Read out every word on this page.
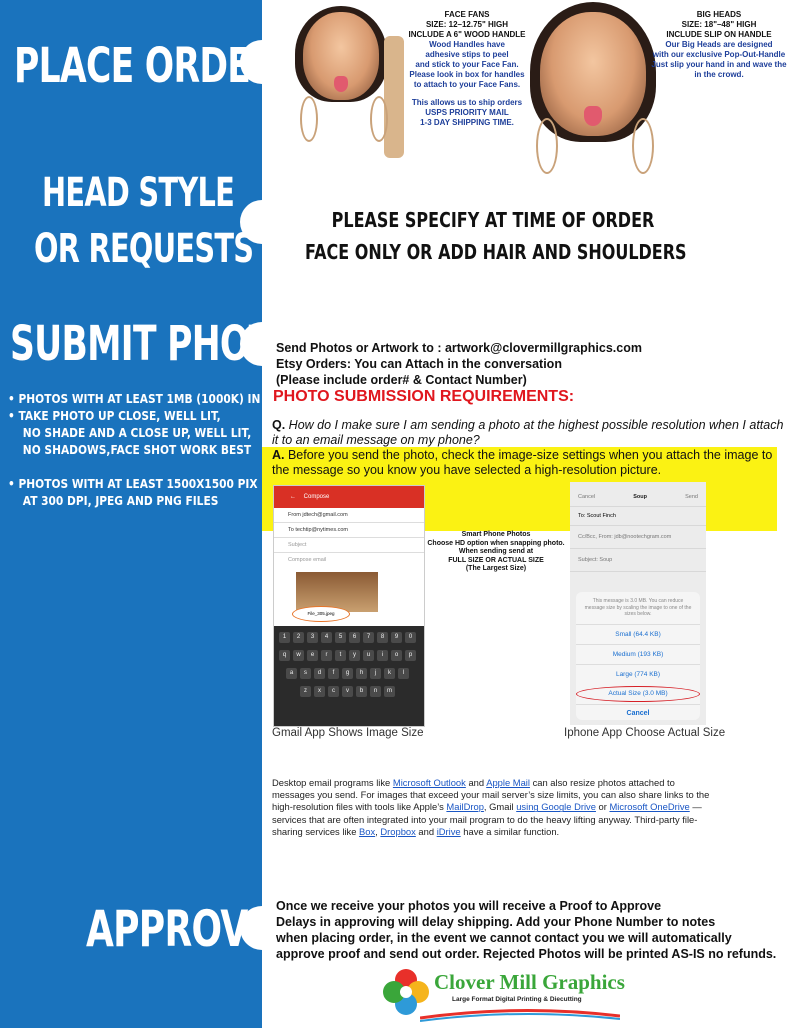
PLACE ORDER
HEAD STYLE
OR REQUESTS
SUBMIT PHOTO

• PHOTOS WITH AT LEAST 1MB (1000K) IN SIZE

• TAKE PHOTO UP CLOSE, WELL LIT,

NO SHADE AND A CLOSE UP, WELL LIT,

NO SHADOWS,FACE SHOT WORK BEST

• PHOTOS WITH AT LEAST 1500X1500 PIX

AT 300 DPI, JPEG AND PNG FILES

APPROVE
FACE FANS
SIZE: 12–12.75" HIGH
INCLUDE A 6" WOOD HANDLE
Wood Handles have
adhesive stips to peel
and stick to your Face Fan.
Please look in box for handles
to attach to your Face Fans.
This allows us to ship orders
USPS PRIORITY MAIL
1-3 DAY SHIPPING TIME.
BIG HEADS
SIZE: 18"–48" HIGH
INCLUDE SLIP ON HANDLE
Our Big Heads are designed
with our exclusive Pop-Out-Handle
Just slip your hand in and wave the
in the crowd.
PLEASE SPECIFY AT TIME OF ORDER
FACE ONLY OR ADD HAIR AND SHOULDERS
Send Photos or Artwork to : artwork@clovermillgraphics.com
Etsy Orders: You can Attach in the conversation
(Please include order# & Contact Number)
PHOTO SUBMISSION REQUIREMENTS:
Q. How do I make sure I am sending a photo at the highest possible resolution when I attach it to an email message on my phone?
A. Before you send the photo, check the image-size settings when you attach the image to the message so you know you have selected a high-resolution picture.
← Compose
From jdtech@gmail.com
To techtip@nytimes.com
Subject
Compose email
File_305.jpeg
1	2	3	4	5	6	7	8	9	0
q	w	e	r	t	y	u	i	o	p
a	s	d	f	g	h	j	k	l
z	x	c	v	b	n	m
Gmail App Shows Image Size
Smart Phone Photos
Choose HD option when snapping photo.
When sending send at
FULL SIZE OR ACTUAL SIZE
(The Largest Size)
Cancel	Soup	Send
To: Scout Finch
Cc/Bcc, From: jdb@nootechgram.com
Subject: Soup
This message is 3.0 MB. You can reduce message size by scaling the image to one of the sizes below.
Small (64.4 KB)
Medium (193 KB)
Large (774 KB)
Actual Size (3.0 MB)
Cancel
Iphone App Choose Actual Size
Desktop email programs like Microsoft Outlook and Apple Mail can also resize photos attached to messages you send. For images that exceed your mail server’s size limits, you can also share links to the high-resolution files with tools like Apple’s MailDrop, Gmail using Google Drive or Microsoft OneDrive — services that are often integrated into your mail program to do the heavy lifting anyway. Third-party file-sharing services like Box, Dropbox and iDrive have a similar function.
Once we receive your photos you will receive a Proof to Approve
Delays in approving will delay shipping. Add your Phone Number to notes
when placing order, in the event we cannot contact you we will automatically
approve proof and send out order. Rejected Photos will be printed AS-IS no refunds.
Clover Mill Graphics
Large Format Digital Printing & Diecutting
